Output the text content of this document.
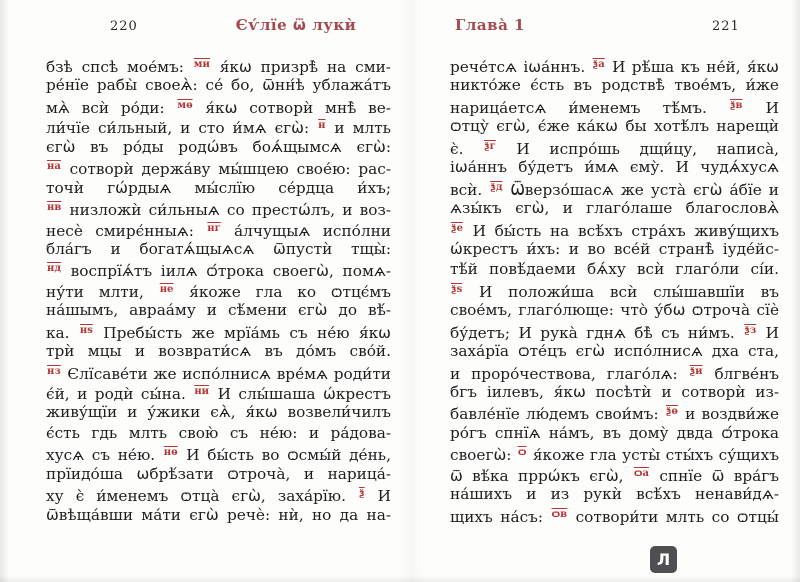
220	Єѵ́лїе ѿ лукѝ	Глава̀ 1	221
бзѣ спсѣ мое́мъ: $^{ми}$ я́кѡ призрѣ̀ на сми-
ре́нїе рабы̀ своеѧ̀: се́ бо, ѿнн́ѣ ублажа́тъ
мѧ̀ всѝ ро́ди: $^{мѳ}$ я́кѡ сотворѝ мнѣ̀ ве-
ли́чїе си́льный, и сто и́мѧ єгѡ̀: $^н$ и млть
єгѡ̀ въ ро́ды родѡ́въ боѧ́щымсѧ єгѡ̀:
$^{на}$ сотворѝ держа́ву мы́шцею свое́ю: рас-
точѝ гѡ́рдыѧ мы́слїю се́рдца и́хъ;
$^{нв}$ низложѝ си́льныѧ со престѡ́лъ, и воз-
несѐ смирє́нныѧ: $^{нг}$ а́лчущыѧ испо́лни
бла́гъ и богатѧ́щыѧсѧ ѿпустѝ тщы̀:
$^{нд}$ воспрїѧ́тъ іилѧ ѻ́трока своегѡ̀, помѧ-
ну́ти млти, $^{не}$ я́коже гла ко ѻтцє́мъ
на́шымъ, авраа́му и сѣ́мени єгѡ̀ до вѣ́-
ка. $^{нѕ}$ Пребы́сть же мрїа́мь съ не́ю я́кѡ
трѝ мцы и возврати́сѧ въ до́мъ сво́й.
$^{нз}$ Єлїсаве́ти же испо́лнисѧ вре́мѧ роди́ти
є́й, и родѝ сы́на. $^{ни}$ И слы́шаша ѡ́крестъ
живу́щїи и у́жики єѧ̀, я́кѡ возвели́чилъ
є́сть гдь млть свою̀ съ не́ю: и ра́дова-
хусѧ съ не́ю. $^{нѳ}$ И бы́сть во ѻсмы́й де́нь,
прїидо́ша ѡбрѣ́зати ѻтроча̀, и нарица́-
ху є̀ и́менемъ ѻтца̀ єгѡ̀, заха́рїю. $^ѯ$ И
ѿвѣща́вши ма́ти єгѡ̀ речѐ: нѝ, но да на-
рече́тсѧ іѡа́ннъ. $^{ѯа}$ И рѣ́ша къ не́й, я́кѡ
никто́же є́сть въ родствѣ̀ твое́мъ, и́же
нарица́етсѧ и́менемъ тѣ́мъ. $^{ѯв}$ И
ѻтцу̀ єгѡ̀, є́же ка́кѡ бы хотѣ́лъ нарещѝ
є̀. $^{ѯг}$ И испро́шь дщи́цу, написа̀,
іѡа́ннъ бу́детъ и́мѧ єму̀. И чудѧ́хусѧ
всѝ. $^{ѯд}$ Ѿверзо́шасѧ же уста̀ єгѡ̀ а́бїе и
ѧзы́къ єгѡ̀, и глаго́лаше благословѧ̀
$^{ѯе}$ И бы́сть на всѣ́хъ стра́хъ живу́щихъ
ѡ́крестъ и́хъ: и во все́й странѣ̀ іуде́йс-
тѣ́й повѣ́даеми бѧ́ху всѝ глаго́ли сі́и.
$^{ѯѕ}$ И положи́ша всѝ слы́шавшїи въ
свое́мъ, глаго́люще: что̀ у́бѡ ѻтроча̀ сїѐ
бу́детъ; И рука̀ гднѧ бѣ̀ съ ни́мъ. $^{ѯз}$ И
заха́рїа ѻте́цъ єгѡ̀ испо́лнисѧ дха ста,
и проро́чествова, глаго́лѧ: $^{ѯи}$ блгве́нъ
бгъ іилевъ, я́кѡ посѣтѝ и сотворѝ из-
бавле́нїе лю́демъ свои́мъ: $^{ѯѳ}$ и воздви́же
ро́гъ спнїѧ на́мъ, въ дому̀ двда ѻ́трока
своегѡ̀: $^ѻ$ я́коже гла усты̀ сты́хъ су́щихъ
ѿ вѣ́ка пррѡ́къ єгѡ̀, $^{ѻа}$ спнїе ѿ вра́гъ
на́шихъ и из рукѝ всѣ́хъ ненави́дѧ-
щихъ на́съ: $^{ѻв}$ сотвори́ти млть со ѻтцы́
Л
